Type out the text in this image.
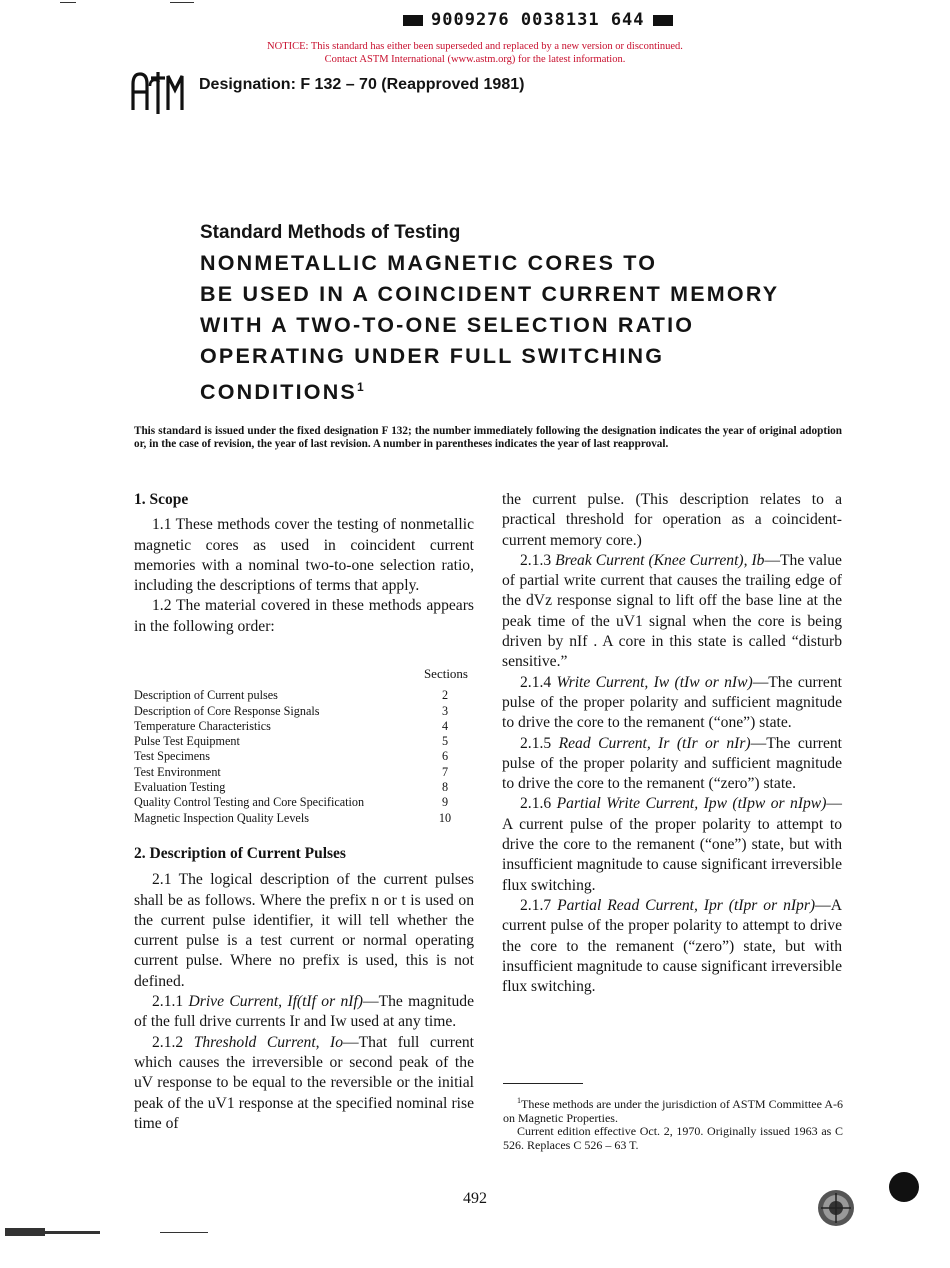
9009276 0038131 644
NOTICE: This standard has either been superseded and replaced by a new version or discontinued.
Contact ASTM International (www.astm.org) for the latest information.
Designation: F 132 – 70 (Reapproved 1981)
Standard Methods of Testing
NONMETALLIC MAGNETIC CORES TO
BE USED IN A COINCIDENT CURRENT MEMORY
WITH A TWO-TO-ONE SELECTION RATIO
OPERATING UNDER FULL SWITCHING
CONDITIONS$^1$
This standard is issued under the fixed designation F 132; the number immediately following the designation indicates the year of original adoption or, in the case of revision, the year of last revision. A number in parentheses indicates the year of last reapproval.

1. Scope

1.1 These methods cover the testing of nonmetallic magnetic cores as used in coincident current memories with a nominal two-to-one selection ratio, including the descriptions of terms that apply.

1.2 The material covered in these methods appears in the following order:

Sections
Description of Current pulses	2
Description of Core Response Signals	3
Temperature Characteristics	4
Pulse Test Equipment	5
Test Specimens	6
Test Environment	7
Evaluation Testing	8
Quality Control Testing and Core Specification	9
Magnetic Inspection Quality Levels	10

2. Description of Current Pulses

2.1 The logical description of the current pulses shall be as follows. Where the prefix n or t is used on the current pulse identifier, it will tell whether the current pulse is a test current or normal operating current pulse. Where no prefix is used, this is not defined.

2.1.1 Drive Current, If(tIf or nIf)—The magnitude of the full drive currents Ir and Iw used at any time.

2.1.2 Threshold Current, Io—That full current which causes the irreversible or second peak of the uV response to be equal to the reversible or the initial peak of the uV1 response at the specified nominal rise time of

the current pulse. (This description relates to a practical threshold for operation as a coincident-current memory core.)

2.1.3 Break Current (Knee Current), Ib—The value of partial write current that causes the trailing edge of the dVz response signal to lift off the base line at the peak time of the uV1 signal when the core is being driven by nIf . A core in this state is called “disturb sensitive.”

2.1.4 Write Current, Iw (tIw or nIw)—The current pulse of the proper polarity and sufficient magnitude to drive the core to the remanent (“one”) state.

2.1.5 Read Current, Ir (tIr or nIr)—The current pulse of the proper polarity and sufficient magnitude to drive the core to the remanent (“zero”) state.

2.1.6 Partial Write Current, Ipw (tIpw or nIpw)—A current pulse of the proper polarity to attempt to drive the core to the remanent (“one”) state, but with insufficient magnitude to cause significant irreversible flux switching.

2.1.7 Partial Read Current, Ipr (tIpr or nIpr)—A current pulse of the proper polarity to attempt to drive the core to the remanent (“zero”) state, but with insufficient magnitude to cause significant irreversible flux switching.

$^1$These methods are under the jurisdiction of ASTM Committee A-6 on Magnetic Properties.

Current edition effective Oct. 2, 1970. Originally issued 1963 as C 526. Replaces C 526 – 63 T.

492
